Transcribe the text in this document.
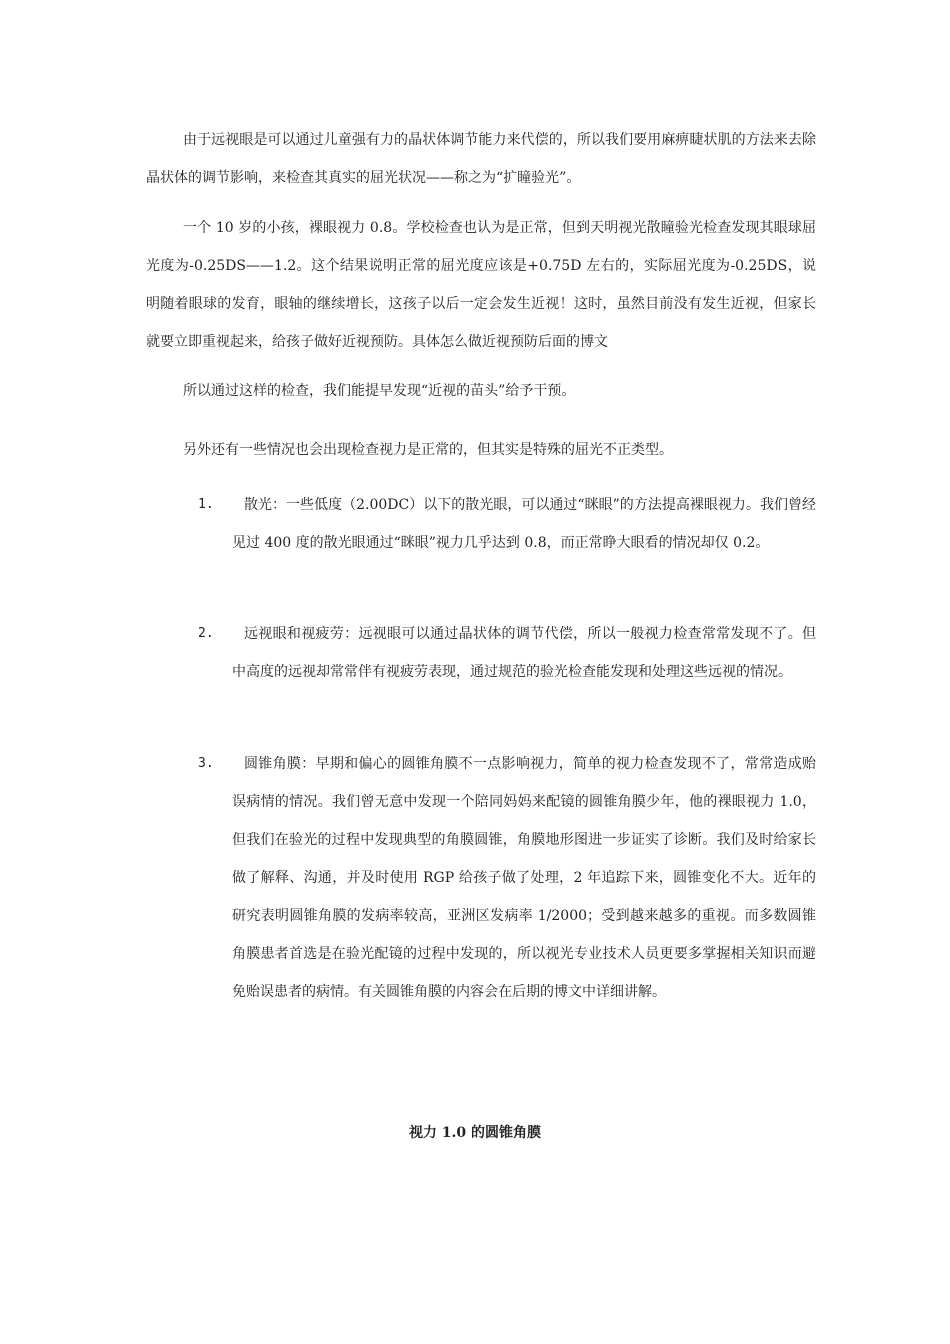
由于远视眼是可以通过儿童强有力的晶状体调节能力来代偿的，所以我们要用麻痹睫状肌的方法来去除晶状体的调节影响，来检查其真实的屈光状况——称之为“扩瞳验光”。

一个 10 岁的小孩，裸眼视力 0.8。学校检查也认为是正常，但到天明视光散瞳验光检查发现其眼球屈光度为-0.25DS——1.2。这个结果说明正常的屈光度应该是+0.75D 左右的，实际屈光度为-0.25DS，说明随着眼球的发育，眼轴的继续增长，这孩子以后一定会发生近视！这时，虽然目前没有发生近视，但家长就要立即重视起来，给孩子做好近视预防。具体怎么做近视预防后面的博文

所以通过这样的检查，我们能提早发现“近视的苗头”给予干预。

另外还有一些情况也会出现检查视力是正常的，但其实是特殊的屈光不正类型。

1.	散光：一些低度（2.00DC）以下的散光眼，可以通过“眯眼”的方法提高裸眼视力。我们曾经见过 400 度的散光眼通过“眯眼”视力几乎达到 0.8，而正常睁大眼看的情况却仅 0.2。
2.	远视眼和视疲劳：远视眼可以通过晶状体的调节代偿，所以一般视力检查常常发现不了。但中高度的远视却常常伴有视疲劳表现，通过规范的验光检查能发现和处理这些远视的情况。
3.	圆锥角膜：早期和偏心的圆锥角膜不一点影响视力，简单的视力检查发现不了，常常造成贻误病情的情况。我们曾无意中发现一个陪同妈妈来配镜的圆锥角膜少年，他的裸眼视力 1.0，但我们在验光的过程中发现典型的角膜圆锥，角膜地形图进一步证实了诊断。我们及时给家长做了解释、沟通，并及时使用 RGP 给孩子做了处理，2 年追踪下来，圆锥变化不大。近年的研究表明圆锥角膜的发病率较高，亚洲区发病率 1/2000；受到越来越多的重视。而多数圆锥角膜患者首选是在验光配镜的过程中发现的，所以视光专业技术人员更要多掌握相关知识而避免贻误患者的病情。有关圆锥角膜的内容会在后期的博文中详细讲解。
视力 1.0 的圆锥角膜
